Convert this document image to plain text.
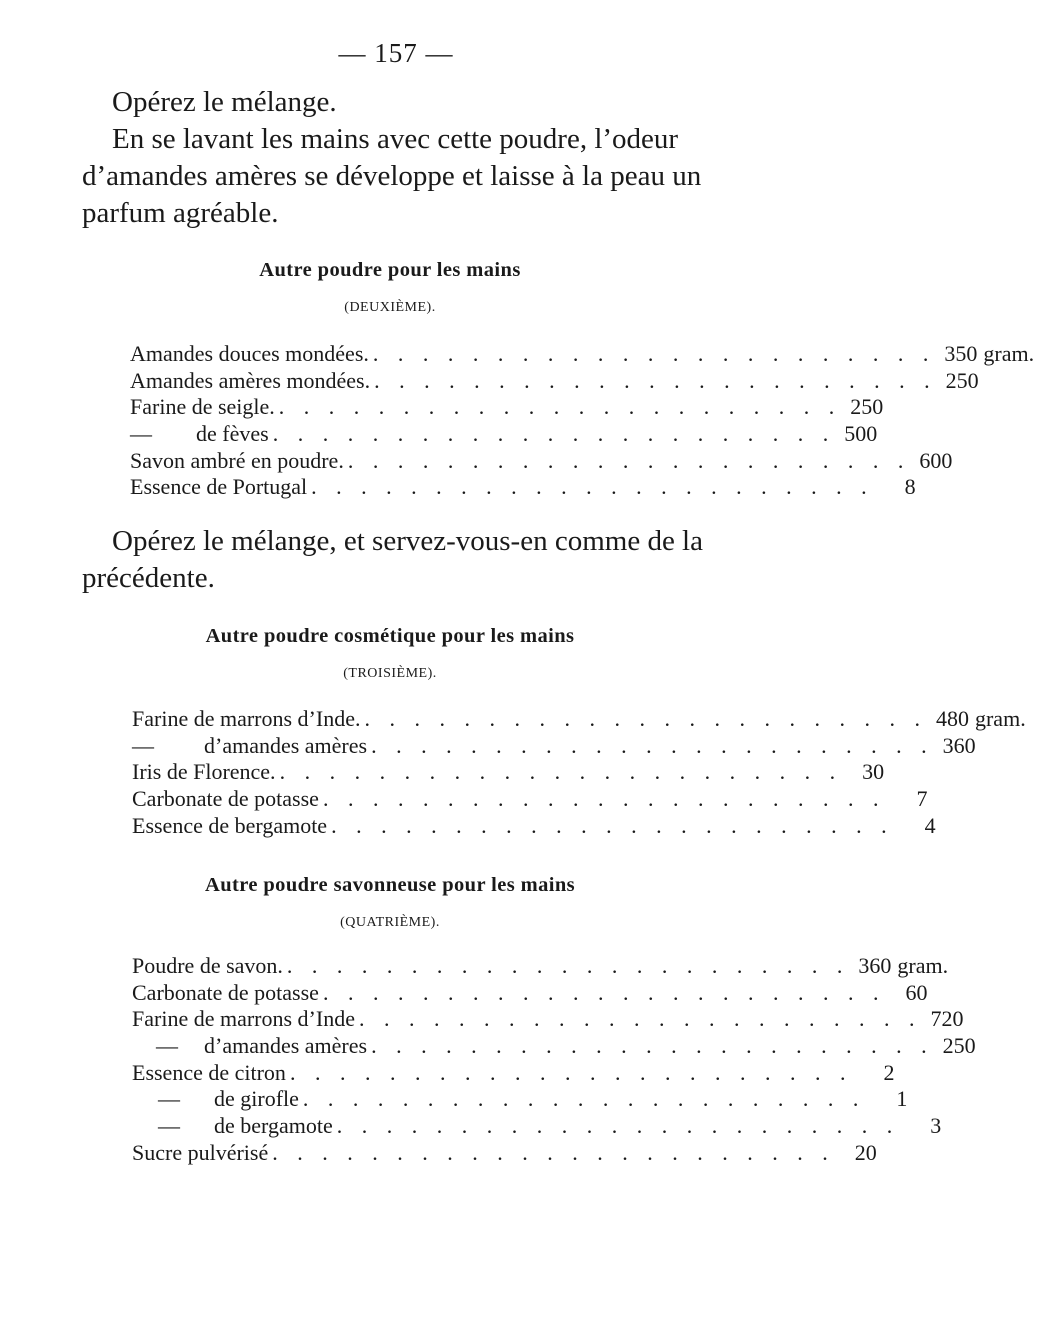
— 157 —

Opérez le mélange.

En se lavant les mains avec cette poudre, l’odeur d’amandes amères se développe et laisse à la peau un parfum agréable.

Autre poudre pour les mains
(DEUXIÈME).
Amandes douces mondées. . . . . . . . . . . . . . . . . . . . . . . . 350 gram.
Amandes amères mondées. . . . . . . . . . . . . . . . . . . . . . . . 250
Farine de seigle. . . . . . . . . . . . . . . . . . . . . . . . 250
— de fèves . . . . . . . . . . . . . . . . . . . . . . . 500
Savon ambré en poudre. . . . . . . . . . . . . . . . . . . . . . . . 600
Essence de Portugal . . . . . . . . . . . . . . . . . . . . . . .	8

Opérez le mélange, et servez-vous-en comme de la précédente.

Autre poudre cosmétique pour les mains
(TROISIÈME).
Farine de marrons d’Inde. . . . . . . . . . . . . . . . . . . . . . . . 480 gram.
— d’amandes amères . . . . . . . . . . . . . . . . . . . . . . . 360
Iris de Florence. . . . . . . . . . . . . . . . . . . . . . . . 30
Carbonate de potasse . . . . . . . . . . . . . . . . . . . . . . .	7
Essence de bergamote . . . . . . . . . . . . . . . . . . . . . . .	4
Autre poudre savonneuse pour les mains
(QUATRIÈME).
Poudre de savon. . . . . . . . . . . . . . . . . . . . . . . . 360 gram.
Carbonate de potasse . . . . . . . . . . . . . . . . . . . . . . . 60
Farine de marrons d’Inde . . . . . . . . . . . . . . . . . . . . . . . 720
— d’amandes amères . . . . . . . . . . . . . . . . . . . . . . . 250
Essence de citron . . . . . . . . . . . . . . . . . . . . . . .	2
— de girofle . . . . . . . . . . . . . . . . . . . . . . .	1
— de bergamote . . . . . . . . . . . . . . . . . . . . . . .	3
Sucre pulvérisé . . . . . . . . . . . . . . . . . . . . . . . 20
